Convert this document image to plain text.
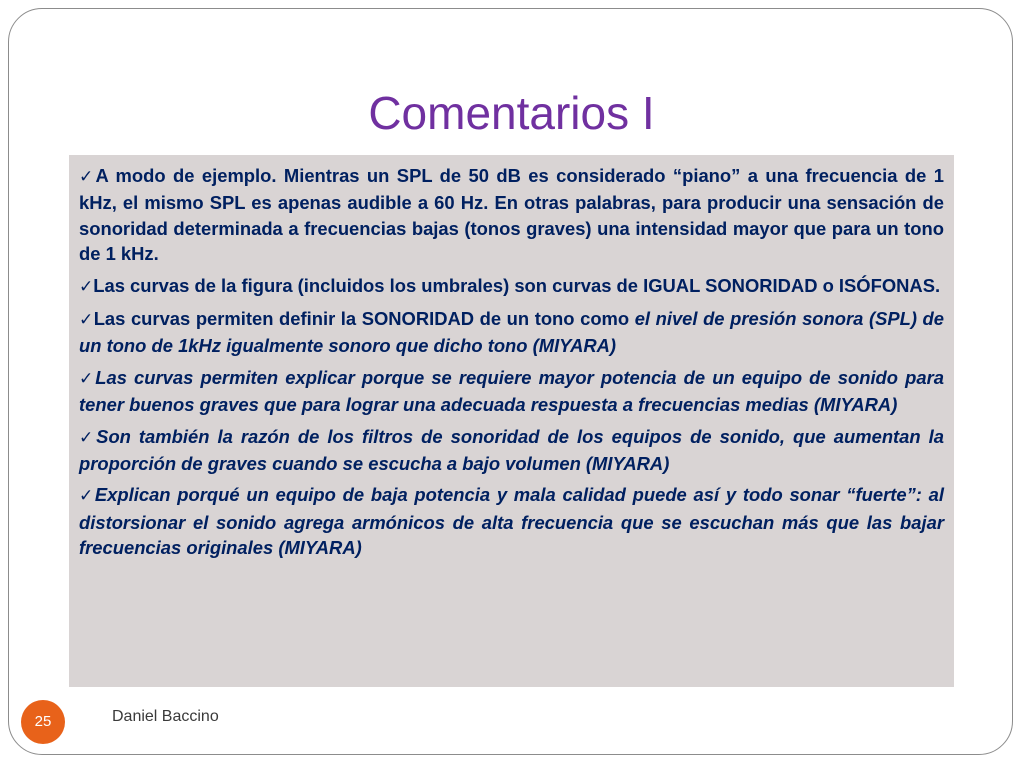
Comentarios I

✓A modo de ejemplo. Mientras un SPL de 50 dB es considerado “piano” a una frecuencia de 1 kHz, el mismo SPL es apenas audible a 60 Hz. En otras palabras, para producir una sensación de sonoridad determinada a frecuencias bajas (tonos graves) una intensidad mayor que para un tono de 1 kHz.

✓Las curvas de la figura (incluidos los umbrales) son curvas de IGUAL SONORIDAD o ISÓFONAS.

✓Las curvas permiten definir la SONORIDAD de un tono como el nivel de presión sonora (SPL) de un tono de 1kHz igualmente sonoro que dicho tono (MIYARA)

✓Las curvas permiten explicar porque se requiere mayor potencia de un equipo de sonido para tener buenos graves que para lograr una adecuada respuesta a frecuencias medias (MIYARA)

✓Son también la razón de los filtros de sonoridad de los equipos de sonido, que aumentan la proporción de graves cuando se escucha a bajo volumen (MIYARA)

✓Explican porqué un equipo de baja potencia y mala calidad puede así y todo sonar “fuerte”: al distorsionar el sonido agrega armónicos de alta frecuencia que se escuchan más que las bajar frecuencias originales (MIYARA)

25	Daniel Baccino
